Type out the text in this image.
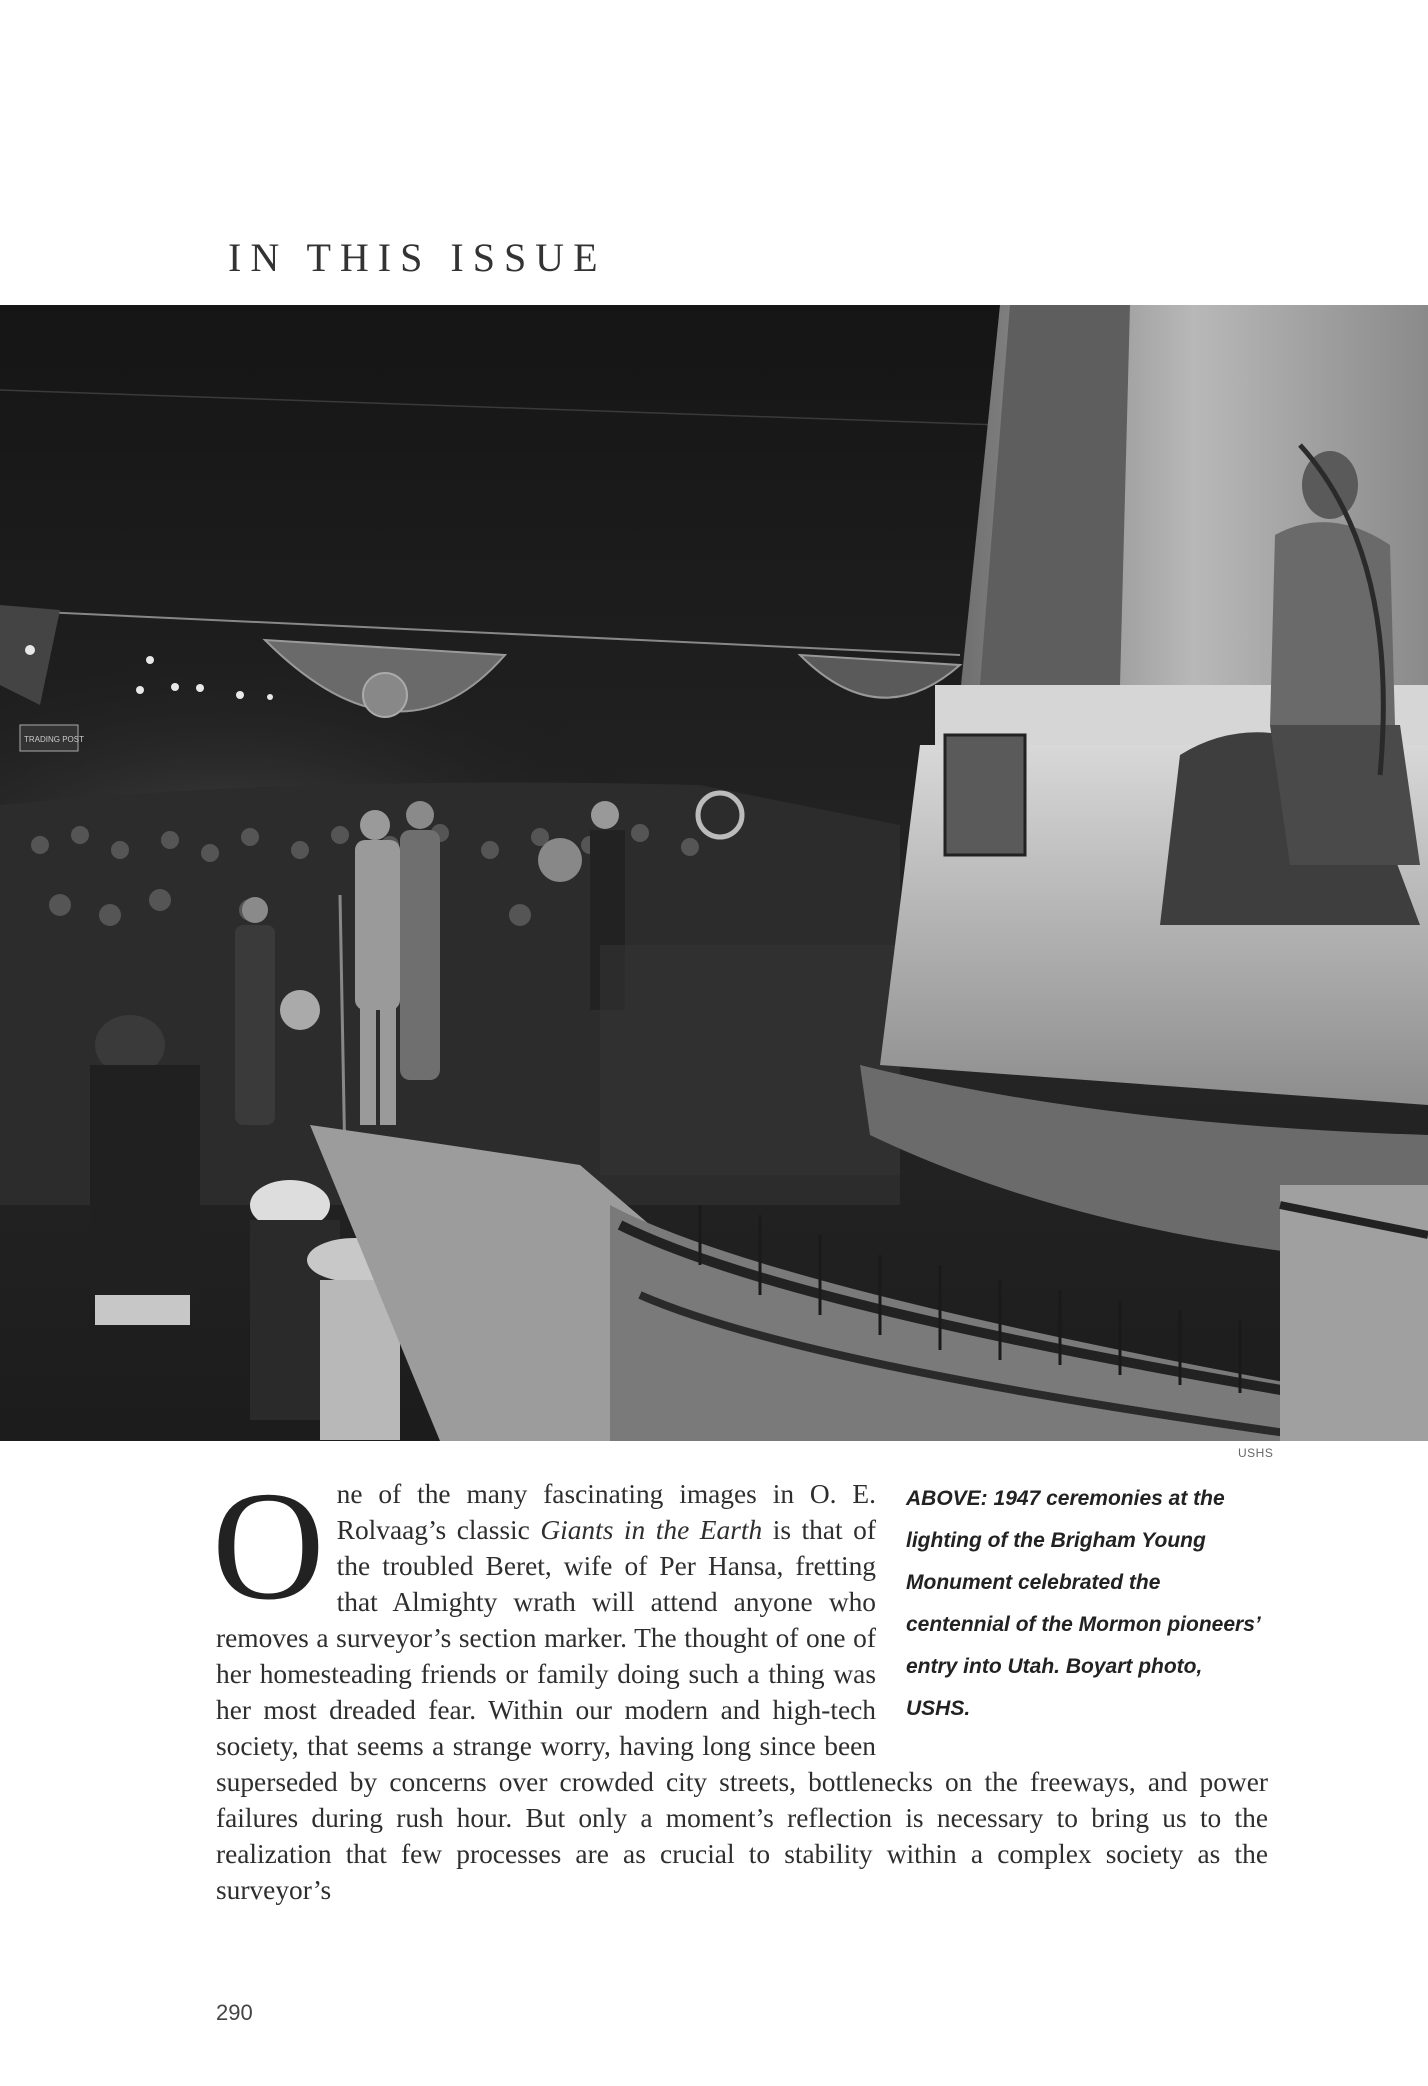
IN THIS ISSUE
TRADING POST
USHS
ABOVE: 1947 ceremonies at the lighting of the Brigham Young Monument celebrated the centennial of the Mormon pioneers’ entry into Utah. Boyart photo, USHS.
O ne of the many fascinating images in O. E. Rolvaag’s classic Giants in the Earth is that of the troubled Beret, wife of Per Hansa, fretting that Almighty wrath will attend anyone who removes a surveyor’s section marker. The thought of one of her homesteading friends or family doing such a thing was her most dreaded fear. Within our modern and high-tech society, that seems a strange worry, having long since been superseded by concerns over crowded city streets, bottlenecks on the freeways, and power failures during rush hour. But only a moment’s reflection is necessary to bring us to the realization that few processes are as crucial to stability within a complex society as the surveyor’s

290
